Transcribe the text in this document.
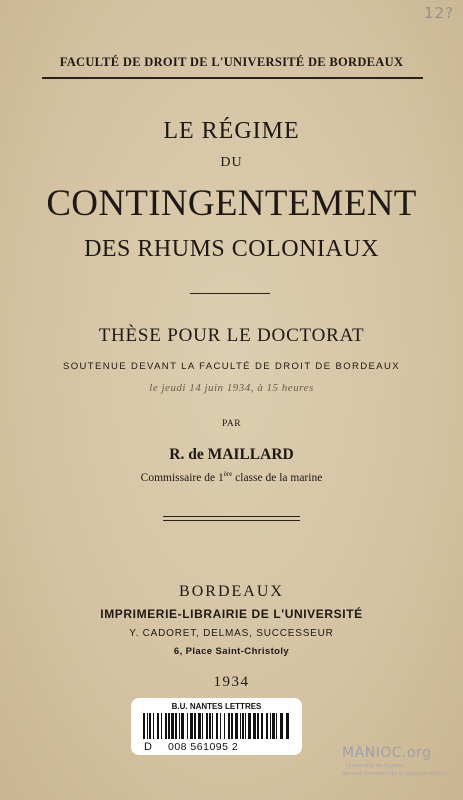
12?
FACULTÉ DE DROIT DE L'UNIVERSITÉ DE BORDEAUX
LE RÉGIME
DU
CONTINGENTEMENT
DES RHUMS COLONIAUX
THÈSE POUR LE DOCTORAT
SOUTENUE DEVANT LA FACULTÉ DE DROIT DE BORDEAUX
le jeudi 14 juin 1934, à 15 heures
PAR
R. de MAILLARD
Commissaire de 1ère classe de la marine
BORDEAUX
IMPRIMERIE-LIBRAIRIE DE L'UNIVERSITÉ
Y. CADORET, DELMAS, SUCCESSEUR
6, Place Saint-Christoly
1934
B.U. NANTES LETTRES
D 008 561095 2	MANIOC.org
Université de Nantes
Service commun de la documentation
